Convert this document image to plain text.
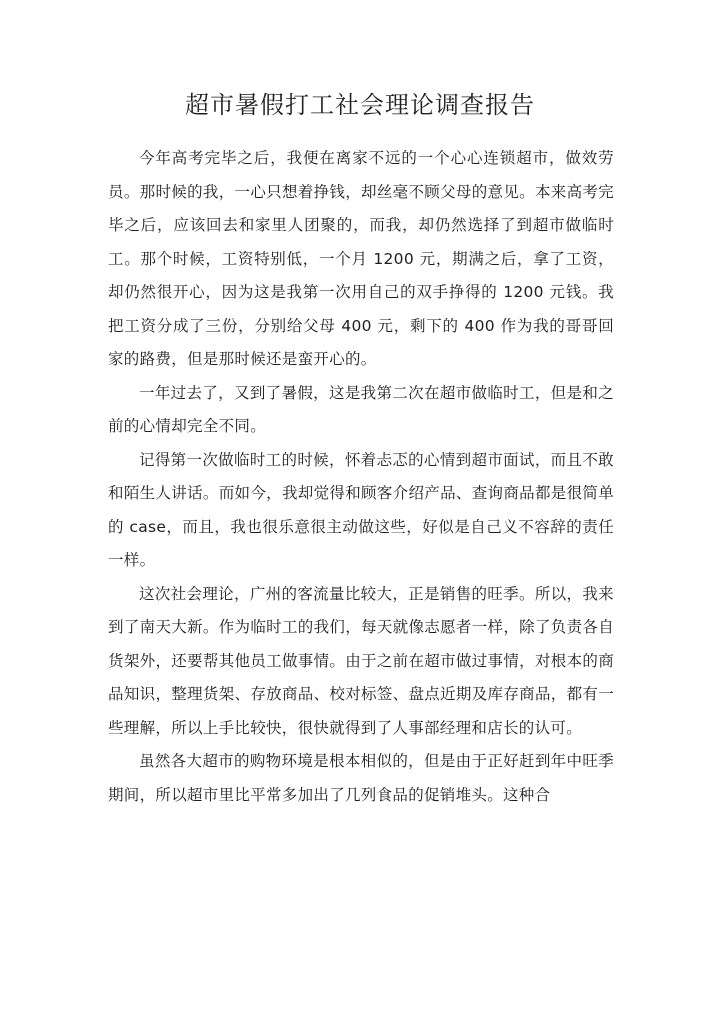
超市暑假打工社会理论调查报告

今年高考完毕之后，我便在离家不远的一个心心连锁超市，做效劳员。那时候的我，一心只想着挣钱，却丝毫不顾父母的意见。本来高考完毕之后，应该回去和家里人团聚的，而我，却仍然选择了到超市做临时工。那个时候，工资特别低，一个月 1200 元，期满之后，拿了工资，却仍然很开心，因为这是我第一次用自己的双手挣得的 1200 元钱。我把工资分成了三份，分别给父母 400 元，剩下的 400 作为我的哥哥回家的路费，但是那时候还是蛮开心的。

一年过去了，又到了暑假，这是我第二次在超市做临时工，但是和之前的心情却完全不同。

记得第一次做临时工的时候，怀着忐忑的心情到超市面试，而且不敢和陌生人讲话。而如今，我却觉得和顾客介绍产品、查询商品都是很简单的 case，而且，我也很乐意很主动做这些，好似是自己义不容辞的责任一样。

这次社会理论，广州的客流量比较大，正是销售的旺季。所以，我来到了南天大新。作为临时工的我们，每天就像志愿者一样，除了负责各自货架外，还要帮其他员工做事情。由于之前在超市做过事情，对根本的商品知识，整理货架、存放商品、校对标签、盘点近期及库存商品，都有一些理解，所以上手比较快，很快就得到了人事部经理和店长的认可。

虽然各大超市的购物环境是根本相似的，但是由于正好赶到年中旺季期间，所以超市里比平常多加出了几列食品的促销堆头。这种合
